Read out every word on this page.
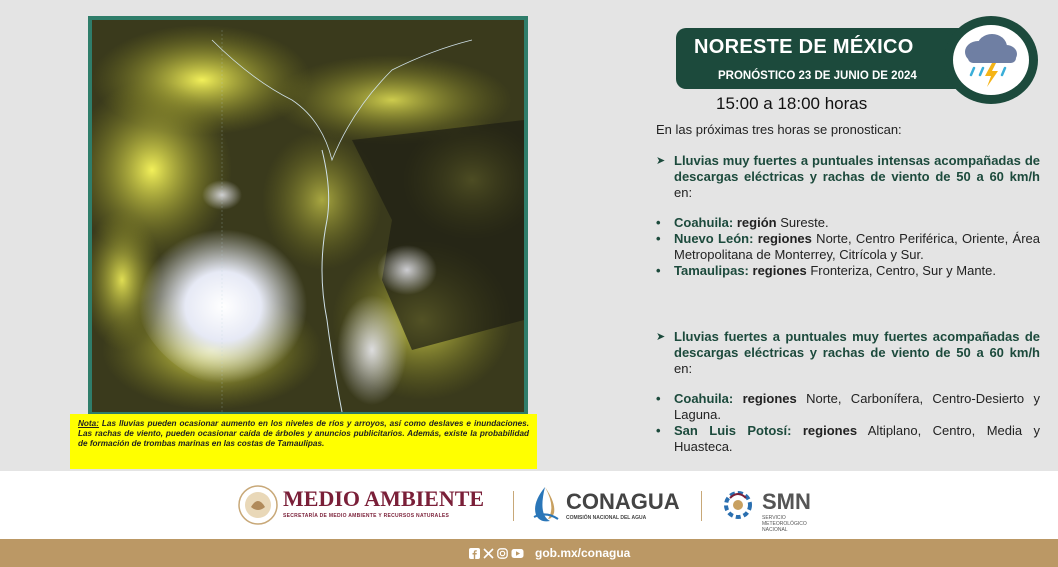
Nota: Las lluvias pueden ocasionar aumento en los niveles de ríos y arroyos, así como deslaves e inundaciones. Las rachas de viento, pueden ocasionar caída de árboles y anuncios publicitarios. Además, existe la probabilidad de formación de trombas marinas en las costas de Tamaulipas.
NORESTE DE MÉXICO
PRONÓSTICO 23 DE JUNIO DE 2024
15:00 a 18:00 horas
En las próximas tres horas se pronostican:
➤ Lluvias muy fuertes a puntuales intensas acompañadas de descargas eléctricas y rachas de viento de 50 a 60 km/h en:
•	Coahuila: región Sureste.
•	Nuevo León: regiones Norte, Centro Periférica, Oriente, Área Metropolitana de Monterrey, Citrícola y Sur.
•	Tamaulipas: regiones Fronteriza, Centro, Sur y Mante.
➤ Lluvias fuertes a puntuales muy fuertes acompañadas de descargas eléctricas y rachas de viento de 50 a 60 km/h en:
•	Coahuila: regiones Norte, Carbonífera, Centro-Desierto y Laguna.
•	San Luis Potosí: regiones Altiplano, Centro, Media y Huasteca.
MEDIO AMBIENTE
SECRETARÍA DE MEDIO AMBIENTE Y RECURSOS NATURALES
CONAGUA
COMISIÓN NACIONAL DEL AGUA
SMN
SERVICIO METEOROLÓGICO NACIONAL
gob.mx/conagua
